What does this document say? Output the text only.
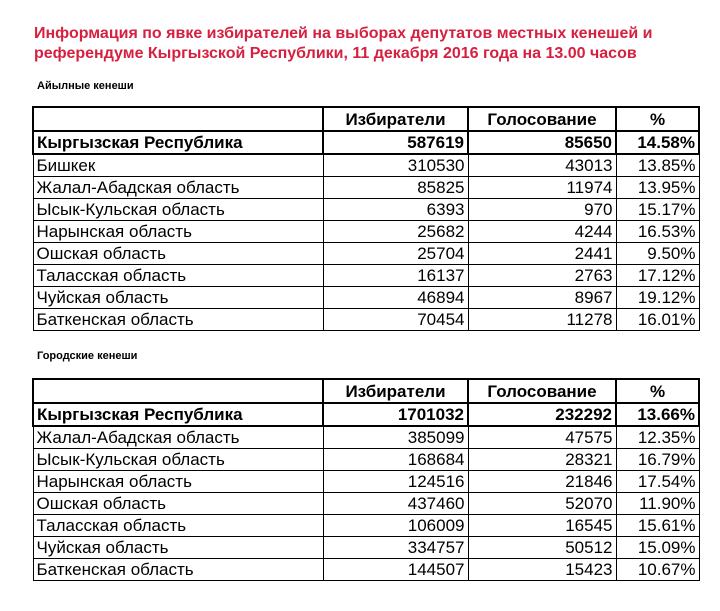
Информация по явке избирателей на выборах депутатов местных кенешей и референдуме Кыргызской Республики, 11 декабря 2016 года на 13.00 часов
Айылные кенеши
	Избиратели	Голосование	%
Кыргызская Республика	587619	85650	14.58%
Бишкек	310530	43013	13.85%
Жалал-Абадская область	85825	11974	13.95%
Ысык-Кульская область	6393	970	15.17%
Нарынская область	25682	4244	16.53%
Ошская область	25704	2441	9.50%
Таласская область	16137	2763	17.12%
Чуйская область	46894	8967	19.12%
Баткенская область	70454	11278	16.01%
Городские кенеши
	Избиратели	Голосование	%
Кыргызская Республика	1701032	232292	13.66%
Жалал-Абадская область	385099	47575	12.35%
Ысык-Кульская область	168684	28321	16.79%
Нарынская область	124516	21846	17.54%
Ошская область	437460	52070	11.90%
Таласская область	106009	16545	15.61%
Чуйская область	334757	50512	15.09%
Баткенская область	144507	15423	10.67%
